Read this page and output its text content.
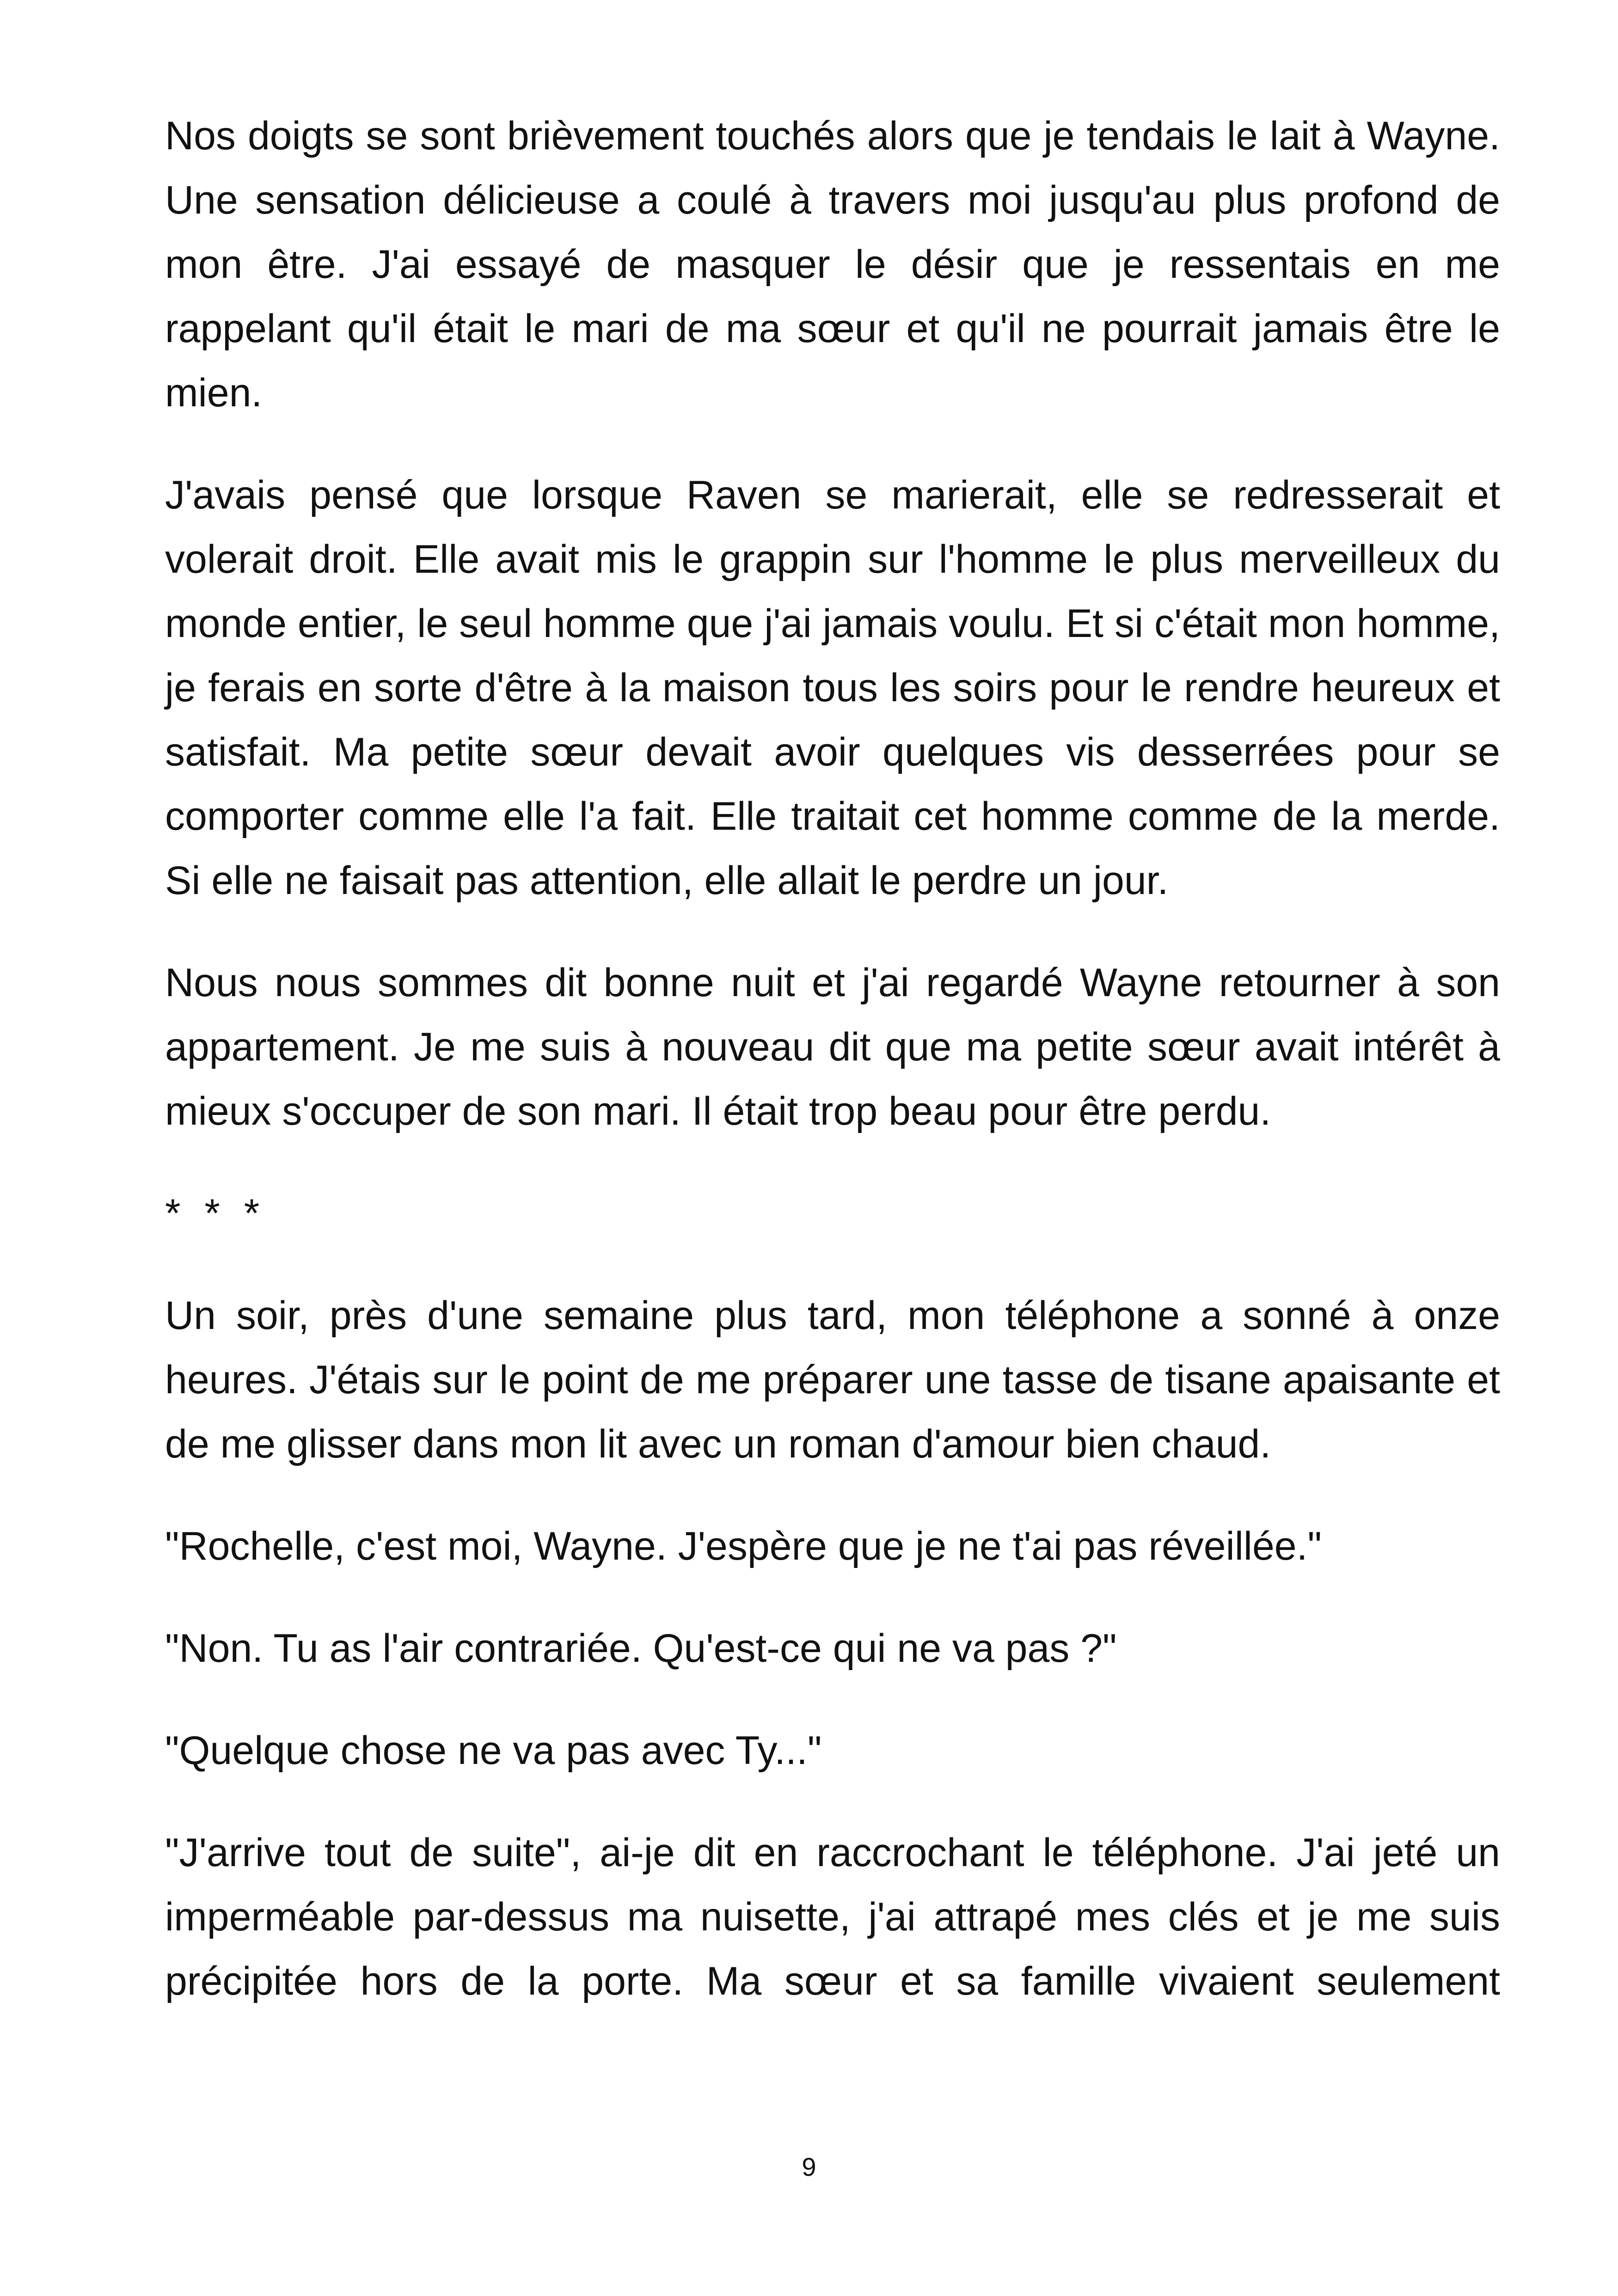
Nos doigts se sont brièvement touchés alors que je tendais le lait à Wayne. Une sensation délicieuse a coulé à travers moi jusqu'au plus profond de mon être. J'ai essayé de masquer le désir que je ressentais en me rappelant qu'il était le mari de ma sœur et qu'il ne pourrait jamais être le mien.

J'avais pensé que lorsque Raven se marierait, elle se redresserait et volerait droit. Elle avait mis le grappin sur l'homme le plus merveilleux du monde entier, le seul homme que j'ai jamais voulu. Et si c'était mon homme, je ferais en sorte d'être à la maison tous les soirs pour le rendre heureux et satisfait. Ma petite sœur devait avoir quelques vis desserrées pour se comporter comme elle l'a fait. Elle traitait cet homme comme de la merde. Si elle ne faisait pas attention, elle allait le perdre un jour.

Nous nous sommes dit bonne nuit et j'ai regardé Wayne retourner à son appartement. Je me suis à nouveau dit que ma petite sœur avait intérêt à mieux s'occuper de son mari. Il était trop beau pour être perdu.

* * *

Un soir, près d'une semaine plus tard, mon téléphone a sonné à onze heures. J'étais sur le point de me préparer une tasse de tisane apaisante et de me glisser dans mon lit avec un roman d'amour bien chaud.

"Rochelle, c'est moi, Wayne. J'espère que je ne t'ai pas réveillée."

"Non. Tu as l'air contrariée. Qu'est-ce qui ne va pas ?"

"Quelque chose ne va pas avec Ty..."

"J'arrive tout de suite", ai-je dit en raccrochant le téléphone. J'ai jeté un imperméable par-dessus ma nuisette, j'ai attrapé mes clés et je me suis précipitée hors de la porte. Ma sœur et sa famille vivaient seulement

9
